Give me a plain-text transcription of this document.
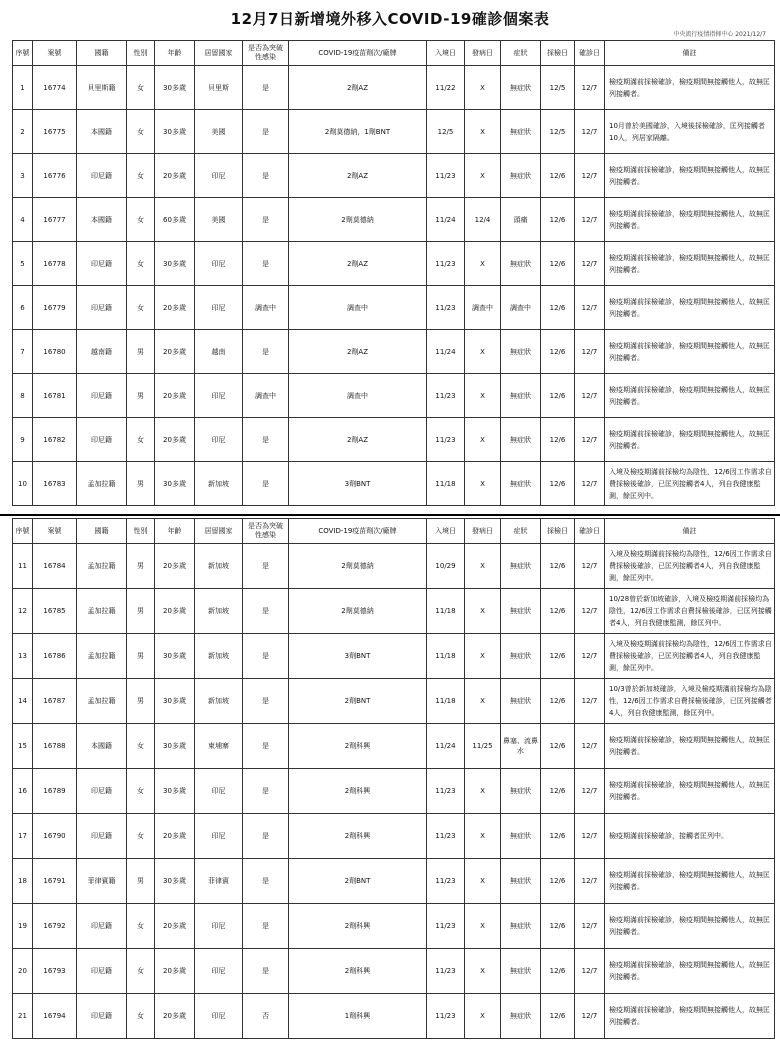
12月7日新增境外移入COVID-19確診個案表
中央流行疫情指揮中心 2021/12/7
序號	案號	國籍	性別	年齡	居留國家	是否為突破性感染	COVID-19疫苗劑次/廠牌	入境日	發病日	症狀	採檢日	確診日	備註
1	16774	貝里斯籍	女	30多歲	貝里斯	是	2劑AZ	11/22	X	無症狀	12/5	12/7	檢疫期滿前採檢確診，檢疫期間無接觸他人，故無匡列接觸者。
2	16775	本國籍	女	30多歲	美國	是	2劑莫德納，1劑BNT	12/5	X	無症狀	12/5	12/7	10月曾於美國確診，入境後採檢確診，匡列接觸者10人，列居家隔離。
3	16776	印尼籍	女	20多歲	印尼	是	2劑AZ	11/23	X	無症狀	12/6	12/7	檢疫期滿前採檢確診，檢疫期間無接觸他人，故無匡列接觸者。
4	16777	本國籍	女	60多歲	美國	是	2劑莫德納	11/24	12/4	頭痛	12/6	12/7	檢疫期滿前採檢確診，檢疫期間無接觸他人，故無匡列接觸者。
5	16778	印尼籍	女	30多歲	印尼	是	2劑AZ	11/23	X	無症狀	12/6	12/7	檢疫期滿前採檢確診，檢疫期間無接觸他人，故無匡列接觸者。
6	16779	印尼籍	女	20多歲	印尼	調查中	調查中	11/23	調查中	調查中	12/6	12/7	檢疫期滿前採檢確診，檢疫期間無接觸他人，故無匡列接觸者。
7	16780	越南籍	男	20多歲	越南	是	2劑AZ	11/24	X	無症狀	12/6	12/7	檢疫期滿前採檢確診，檢疫期間無接觸他人，故無匡列接觸者。
8	16781	印尼籍	男	20多歲	印尼	調查中	調查中	11/23	X	無症狀	12/6	12/7	檢疫期滿前採檢確診，檢疫期間無接觸他人，故無匡列接觸者。
9	16782	印尼籍	女	20多歲	印尼	是	2劑AZ	11/23	X	無症狀	12/6	12/7	檢疫期滿前採檢確診，檢疫期間無接觸他人，故無匡列接觸者。
10	16783	孟加拉籍	男	30多歲	新加坡	是	3劑BNT	11/18	X	無症狀	12/6	12/7	入境及檢疫期滿前採檢均為陰性，12/6因工作需求自費採檢後確診，已匡列接觸者4人，列自我健康監測，餘匡列中。
序號	案號	國籍	性別	年齡	居留國家	是否為突破性感染	COVID-19疫苗劑次/廠牌	入境日	發病日	症狀	採檢日	確診日	備註
11	16784	孟加拉籍	男	20多歲	新加坡	是	2劑莫德納	10/29	X	無症狀	12/6	12/7	入境及檢疫期滿前採檢均為陰性，12/6因工作需求自費採檢後確診，已匡列接觸者4人，列自我健康監測，餘匡列中。
12	16785	孟加拉籍	男	20多歲	新加坡	是	2劑莫德納	11/18	X	無症狀	12/6	12/7	10/28曾於新加坡確診，入境及檢疫期滿前採檢均為陰性，12/6因工作需求自費採檢後確診，已匡列接觸者4人，列自我健康監測，餘匡列中。
13	16786	孟加拉籍	男	30多歲	新加坡	是	3劑BNT	11/18	X	無症狀	12/6	12/7	入境及檢疫期滿前採檢均為陰性，12/6因工作需求自費採檢後確診，已匡列接觸者4人，列自我健康監測，餘匡列中。
14	16787	孟加拉籍	男	30多歲	新加坡	是	2劑BNT	11/18	X	無症狀	12/6	12/7	10/3曾於新加坡確診，入境及檢疫期滿前採檢均為陰性，12/6因工作需求自費採檢後確診，已匡列接觸者4人，列自我健康監測，餘匡列中。
15	16788	本國籍	女	30多歲	柬埔寨	是	2劑科興	11/24	11/25	鼻塞、流鼻水	12/6	12/7	檢疫期滿前採檢確診，檢疫期間無接觸他人，故無匡列接觸者。
16	16789	印尼籍	女	30多歲	印尼	是	2劑科興	11/23	X	無症狀	12/6	12/7	檢疫期滿前採檢確診，檢疫期間無接觸他人，故無匡列接觸者。
17	16790	印尼籍	女	20多歲	印尼	是	2劑科興	11/23	X	無症狀	12/6	12/7	檢疫期滿前採檢確診，接觸者匡列中。
18	16791	菲律賓籍	男	30多歲	菲律賓	是	2劑BNT	11/23	X	無症狀	12/6	12/7	檢疫期滿前採檢確診，檢疫期間無接觸他人，故無匡列接觸者。
19	16792	印尼籍	女	20多歲	印尼	是	2劑科興	11/23	X	無症狀	12/6	12/7	檢疫期滿前採檢確診，檢疫期間無接觸他人，故無匡列接觸者。
20	16793	印尼籍	女	20多歲	印尼	是	2劑科興	11/23	X	無症狀	12/6	12/7	檢疫期滿前採檢確診，檢疫期間無接觸他人，故無匡列接觸者。
21	16794	印尼籍	女	20多歲	印尼	否	1劑科興	11/23	X	無症狀	12/6	12/7	檢疫期滿前採檢確診，檢疫期間無接觸他人，故無匡列接觸者。
